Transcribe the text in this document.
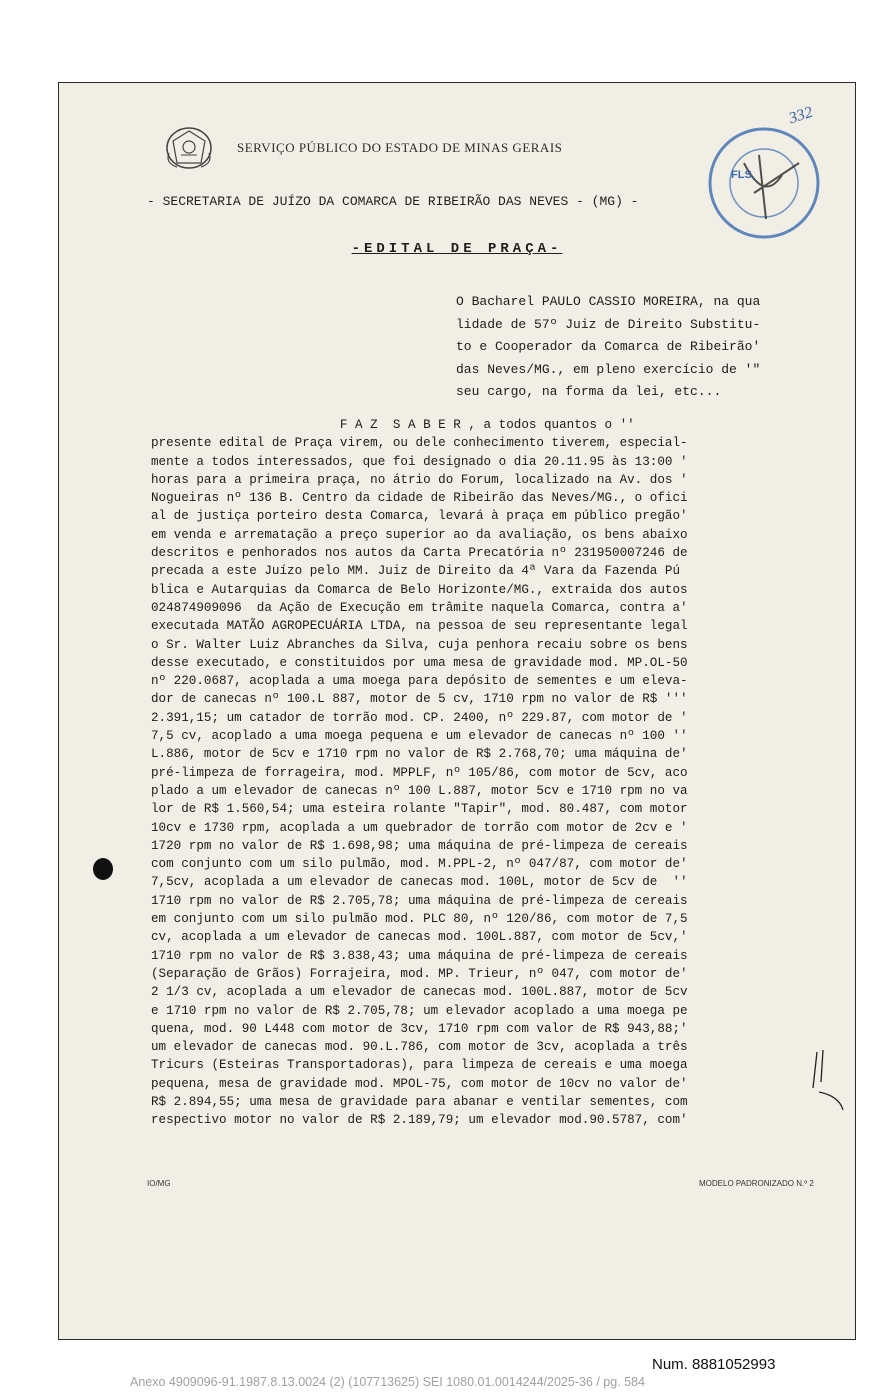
SERVIÇO PÚBLICO DO ESTADO DE MINAS GERAIS
FLS.
332
- SECRETARIA DE JUÍZO DA COMARCA DE RIBEIRÃO DAS NEVES - (MG) -
-EDITAL DE PRAÇA-
O Bacharel PAULO CASSIO MOREIRA, na qua
lidade de 57º Juiz de Direito Substitu-
to e Cooperador da Comarca de Ribeirão'
das Neves/MG., em pleno exercício de '"
seu cargo, na forma da lei, etc...
F A Z  S A B E R , a todos quantos o ''
presente edital de Praça virem, ou dele conhecimento tiverem, especial-
mente a todos interessados, que foi designado o dia 20.11.95 às 13:00 '
horas para a primeira praça, no átrio do Forum, localizado na Av. dos '
Nogueiras nº 136 B. Centro da cidade de Ribeirão das Neves/MG., o ofici
al de justiça porteiro desta Comarca, levará à praça em público pregão'
em venda e arrematação a preço superior ao da avaliação, os bens abaixo
descritos e penhorados nos autos da Carta Precatória nº 231950007246 de
precada a este Juízo pelo MM. Juiz de Direito da 4ª Vara da Fazenda Pú
blica e Autarquias da Comarca de Belo Horizonte/MG., extraida dos autos
024874909096  da Ação de Execução em trâmite naquela Comarca, contra a'
executada MATÃO AGROPECUÁRIA LTDA, na pessoa de seu representante legal
o Sr. Walter Luiz Abranches da Silva, cuja penhora recaiu sobre os bens
desse executado, e constituidos por uma mesa de gravidade mod. MP.OL-50
nº 220.0687, acoplada a uma moega para depósito de sementes e um eleva-
dor de canecas nº 100.L 887, motor de 5 cv, 1710 rpm no valor de R$ '''
2.391,15; um catador de torrão mod. CP. 2400, nº 229.87, com motor de '
7,5 cv, acoplado a uma moega pequena e um elevador de canecas nº 100 ''
L.886, motor de 5cv e 1710 rpm no valor de R$ 2.768,70; uma máquina de'
pré-limpeza de forrageira, mod. MPPLF, nº 105/86, com motor de 5cv, aco
plado a um elevador de canecas nº 100 L.887, motor 5cv e 1710 rpm no va
lor de R$ 1.560,54; uma esteira rolante "Tapir", mod. 80.487, com motor
10cv e 1730 rpm, acoplada a um quebrador de torrão com motor de 2cv e '
1720 rpm no valor de R$ 1.698,98; uma máquina de pré-limpeza de cereais
com conjunto com um silo pulmão, mod. M.PPL-2, nº 047/87, com motor de'
7,5cv, acoplada a um elevador de canecas mod. 100L, motor de 5cv de  ''
1710 rpm no valor de R$ 2.705,78; uma máquina de pré-limpeza de cereais
em conjunto com um silo pulmão mod. PLC 80, nº 120/86, com motor de 7,5
cv, acoplada a um elevador de canecas mod. 100L.887, com motor de 5cv,'
1710 rpm no valor de R$ 3.838,43; uma máquina de pré-limpeza de cereais
(Separação de Grãos) Forrajeira, mod. MP. Trieur, nº 047, com motor de'
2 1/3 cv, acoplada a um elevador de canecas mod. 100L.887, motor de 5cv
e 1710 rpm no valor de R$ 2.705,78; um elevador acoplado a uma moega pe
quena, mod. 90 L448 com motor de 3cv, 1710 rpm com valor de R$ 943,88;'
um elevador de canecas mod. 90.L.786, com motor de 3cv, acoplada a três
Tricurs (Esteiras Transportadoras), para limpeza de cereais e uma moega
pequena, mesa de gravidade mod. MPOL-75, com motor de 10cv no valor de'
R$ 2.894,55; uma mesa de gravidade para abanar e ventilar sementes, com
respectivo motor no valor de R$ 2.189,79; um elevador mod.90.5787, com'
IO/MG	MODELO PADRONIZADO N.º 2
Num. 8881052993
Anexo 4909096-91.1987.8.13.0024 (2) (107713625) SEI 1080.01.0014244/2025-36 / pg. 584
